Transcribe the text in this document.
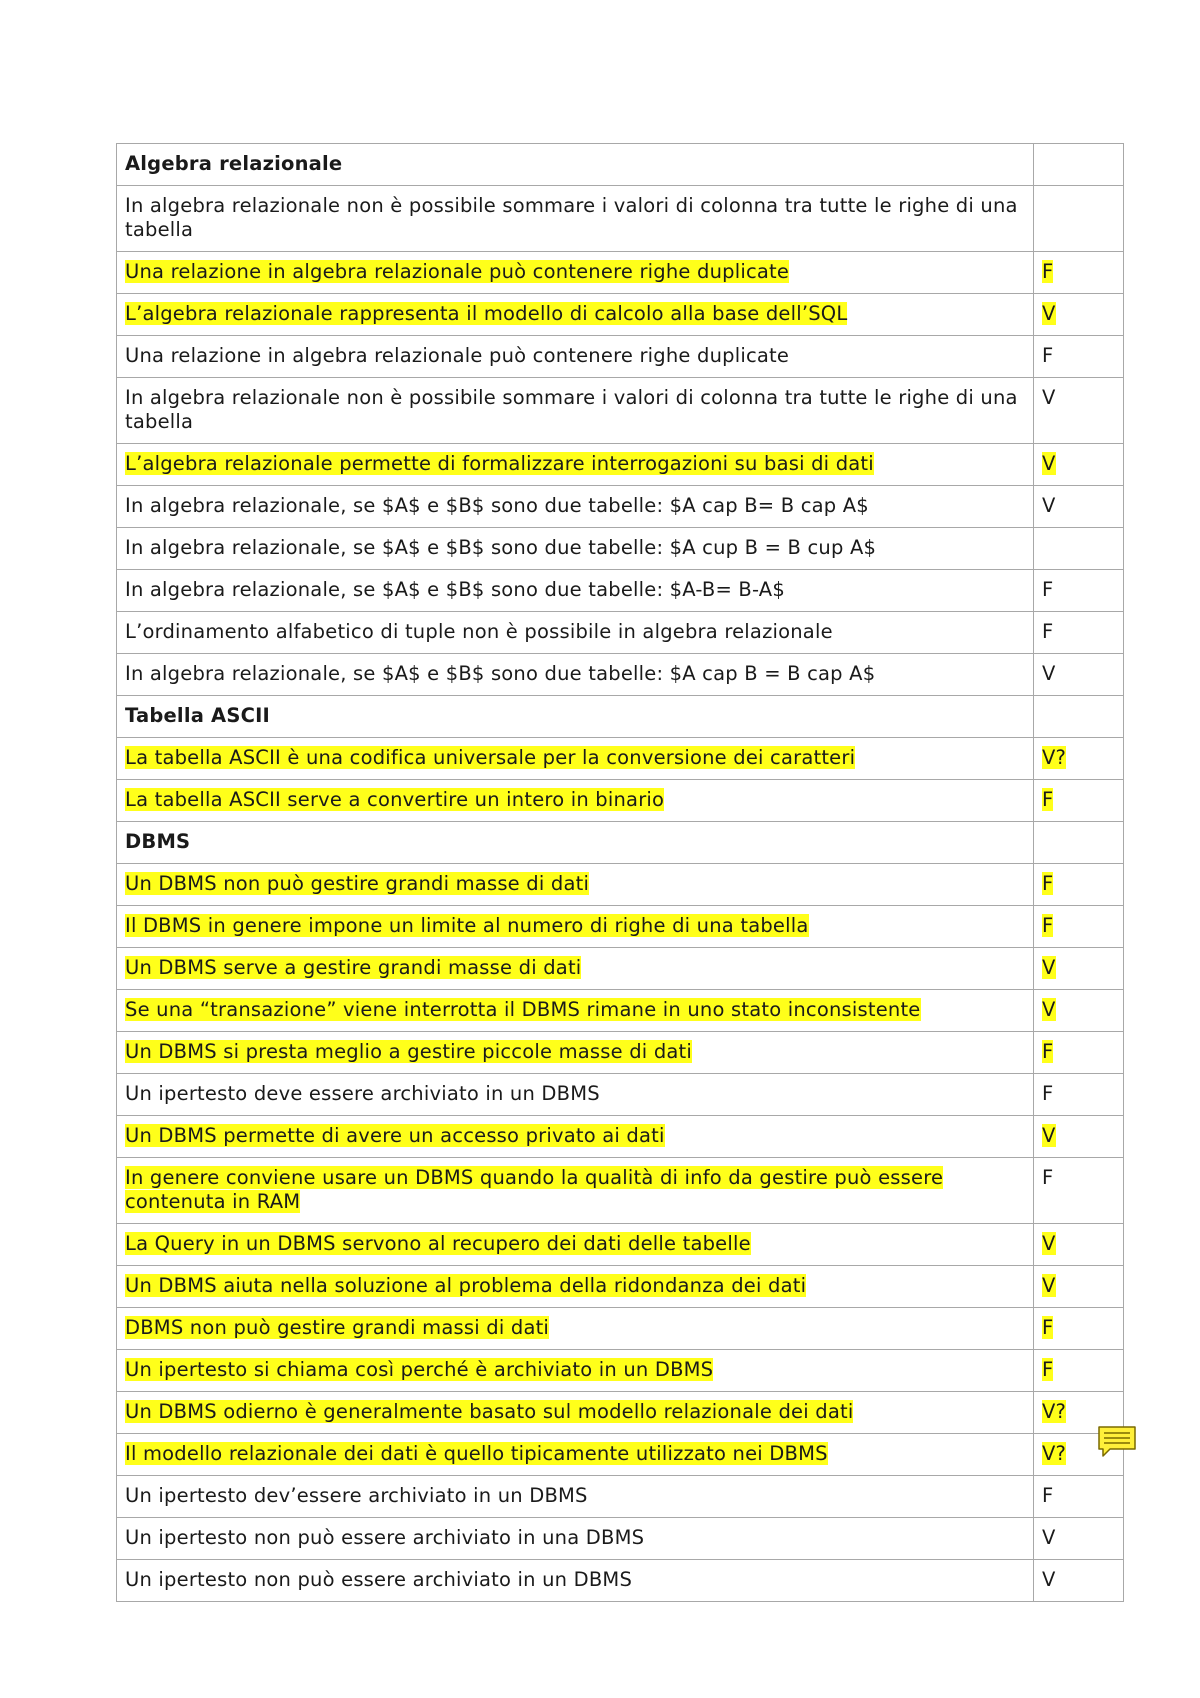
Algebra relazionale	
In algebra relazionale non è possibile sommare i valori di colonna tra tutte le righe di una tabella	
Una relazione in algebra relazionale può contenere righe duplicate	F
L’algebra relazionale rappresenta il modello di calcolo alla base dell’SQL	V
Una relazione in algebra relazionale può contenere righe duplicate	F
In algebra relazionale non è possibile sommare i valori di colonna tra tutte le righe di una tabella	V
L’algebra relazionale permette di formalizzare interrogazioni su basi di dati	V
In algebra relazionale, se $A$ e $B$ sono due tabelle: $A cap B= B cap A$	V
In algebra relazionale, se $A$ e $B$ sono due tabelle: $A cup B = B cup A$	
In algebra relazionale, se $A$ e $B$ sono due tabelle: $A-B= B-A$	F
L’ordinamento alfabetico di tuple non è possibile in algebra relazionale	F
In algebra relazionale, se $A$ e $B$ sono due tabelle: $A cap B = B cap A$	V
Tabella ASCII	
La tabella ASCII è una codifica universale per la conversione dei caratteri	V?
La tabella ASCII serve a convertire un intero in binario	F
DBMS	
Un DBMS non può gestire grandi masse di dati	F
Il DBMS in genere impone un limite al numero di righe di una tabella	F
Un DBMS serve a gestire grandi masse di dati	V
Se una “transazione” viene interrotta il DBMS rimane in uno stato inconsistente	V
Un DBMS si presta meglio a gestire piccole masse di dati	F
Un ipertesto deve essere archiviato in un DBMS	F
Un DBMS permette di avere un accesso privato ai dati	V
In genere conviene usare un DBMS quando la qualità di info da gestire può essere contenuta in RAM	F
La Query in un DBMS servono al recupero dei dati delle tabelle	V
Un DBMS aiuta nella soluzione al problema della ridondanza dei dati	V
DBMS non può gestire grandi massi di dati	F
Un ipertesto si chiama così perché è archiviato in un DBMS	F
Un DBMS odierno è generalmente basato sul modello relazionale dei dati	V?
Il modello relazionale dei dati è quello tipicamente utilizzato nei DBMS	V?
Un ipertesto dev’essere archiviato in un DBMS	F
Un ipertesto non può essere archiviato in una DBMS	V
Un ipertesto non può essere archiviato in un DBMS	V
